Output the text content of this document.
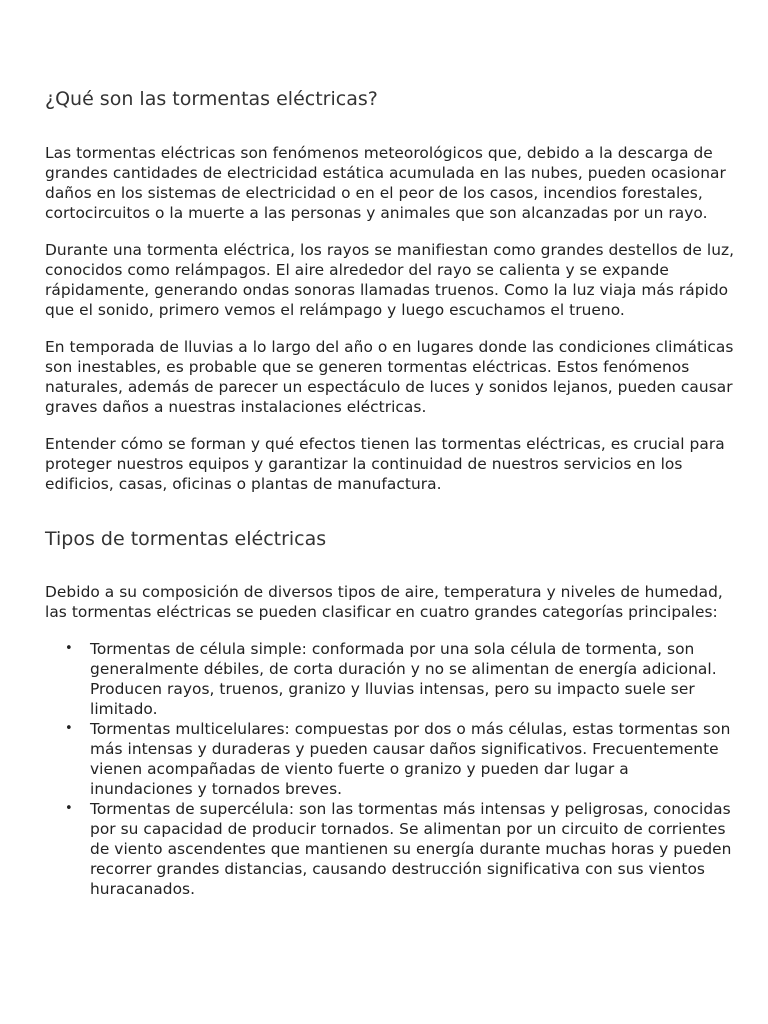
¿Qué son las tormentas eléctricas?

Las tormentas eléctricas son fenómenos meteorológicos que, debido a la descarga de grandes cantidades de electricidad estática acumulada en las nubes, pueden ocasionar daños en los sistemas de electricidad o en el peor de los casos, incendios forestales, cortocircuitos o la muerte a las personas y animales que son alcanzadas por un rayo.

Durante una tormenta eléctrica, los rayos se manifiestan como grandes destellos de luz, conocidos como relámpagos. El aire alrededor del rayo se calienta y se expande rápidamente, generando ondas sonoras llamadas truenos. Como la luz viaja más rápido que el sonido, primero vemos el relámpago y luego escuchamos el trueno.

En temporada de lluvias a lo largo del año o en lugares donde las condiciones climáticas son inestables, es probable que se generen tormentas eléctricas. Estos fenómenos naturales, además de parecer un espectáculo de luces y sonidos lejanos, pueden causar graves daños a nuestras instalaciones eléctricas.

Entender cómo se forman y qué efectos tienen las tormentas eléctricas, es crucial para proteger nuestros equipos y garantizar la continuidad de nuestros servicios en los edificios, casas, oficinas o plantas de manufactura.

Tipos de tormentas eléctricas

Debido a su composición de diversos tipos de aire, temperatura y niveles de humedad, las tormentas eléctricas se pueden clasificar en cuatro grandes categorías principales:

• Tormentas de célula simple: conformada por una sola célula de tormenta, son generalmente débiles, de corta duración y no se alimentan de energía adicional. Producen rayos, truenos, granizo y lluvias intensas, pero su impacto suele ser limitado.
• Tormentas multicelulares: compuestas por dos o más células, estas tormentas son más intensas y duraderas y pueden causar daños significativos. Frecuentemente vienen acompañadas de viento fuerte o granizo y pueden dar lugar a inundaciones y tornados breves.
• Tormentas de supercélula: son las tormentas más intensas y peligrosas, conocidas por su capacidad de producir tornados. Se alimentan por un circuito de corrientes de viento ascendentes que mantienen su energía durante muchas horas y pueden recorrer grandes distancias, causando destrucción significativa con sus vientos huracanados.
